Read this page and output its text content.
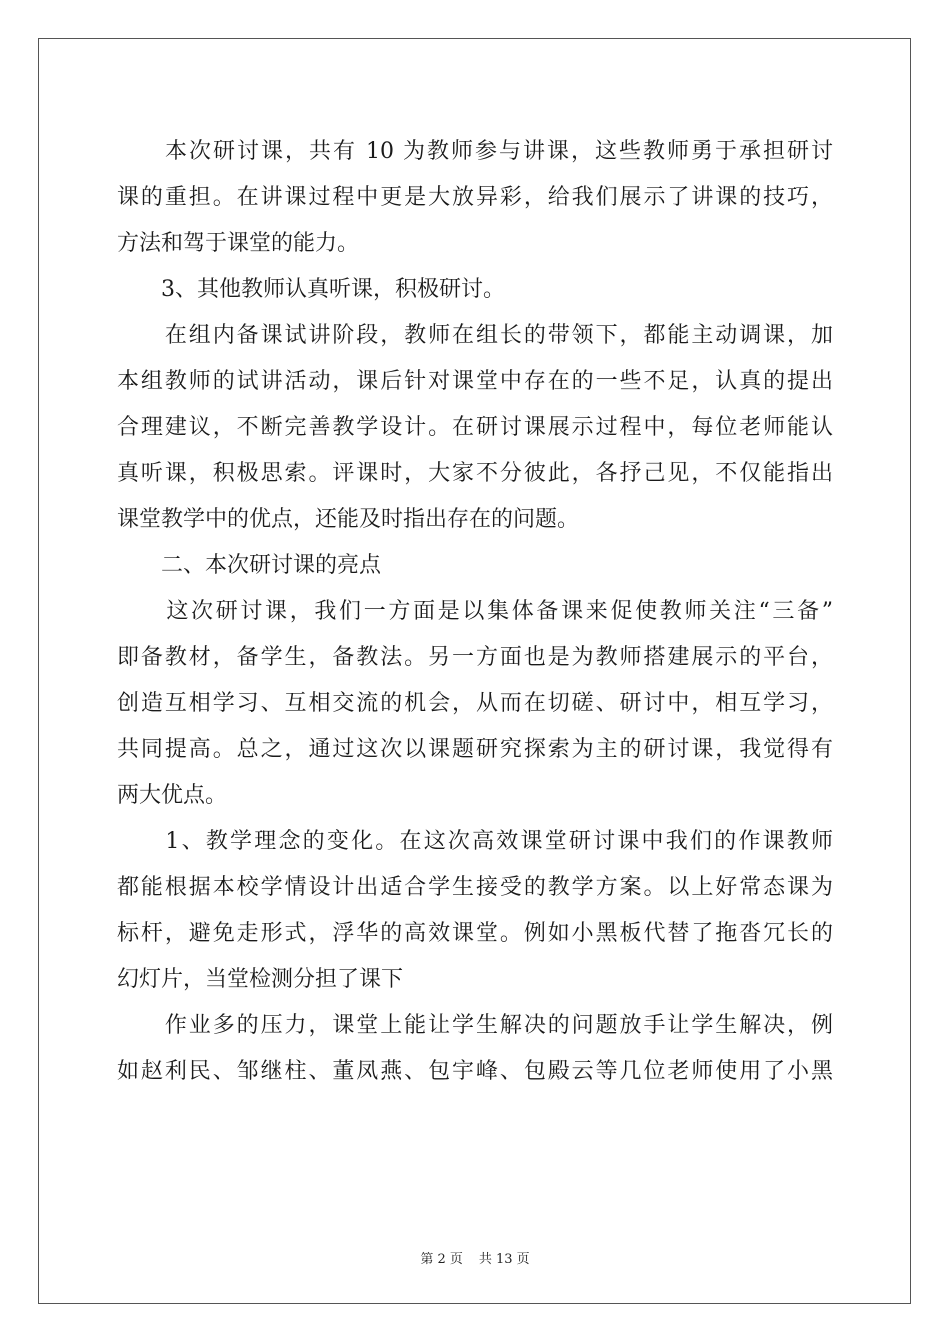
　　本次研讨课，共有 10 为教师参与讲课，这些教师勇于承担研讨
课的重担。在讲课过程中更是大放异彩，给我们展示了讲课的技巧，
方法和驾于课堂的能力。
　　3、其他教师认真听课，积极研讨。
　　在组内备课试讲阶段，教师在组长的带领下，都能主动调课，加
本组教师的试讲活动，课后针对课堂中存在的一些不足，认真的提出
合理建议，不断完善教学设计。在研讨课展示过程中，每位老师能认
真听课，积极思索。评课时，大家不分彼此，各抒己见，不仅能指出
课堂教学中的优点，还能及时指出存在的问题。
　　二、本次研讨课的亮点
　　这次研讨课，我们一方面是以集体备课来促使教师关注“三备”
即备教材，备学生，备教法。另一方面也是为教师搭建展示的平台，
创造互相学习、互相交流的机会，从而在切磋、研讨中，相互学习，
共同提高。总之，通过这次以课题研究探索为主的研讨课，我觉得有
两大优点。
　　1、教学理念的变化。在这次高效课堂研讨课中我们的作课教师
都能根据本校学情设计出适合学生接受的教学方案。以上好常态课为
标杆，避免走形式，浮华的高效课堂。例如小黑板代替了拖沓冗长的
幻灯片，当堂检测分担了课下
　　作业多的压力，课堂上能让学生解决的问题放手让学生解决，例
如赵利民、邹继柱、董凤燕、包宇峰、包殿云等几位老师使用了小黑
第 2 页 共 13 页
